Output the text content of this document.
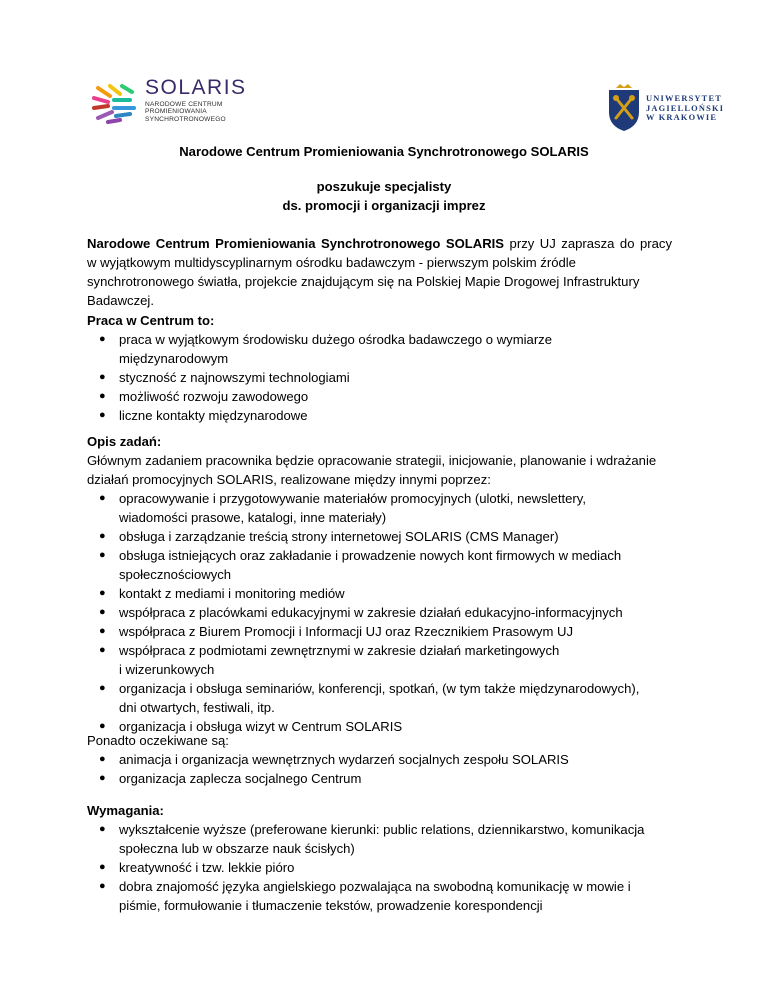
SOLARIS
NARODOWE CENTRUM
PROMIENIOWANIA
SYNCHROTRONOWEGO
UNIWERSYTET
JAGIELLOŃSKI
W KRAKOWIE
Narodowe Centrum Promieniowania Synchrotronowego SOLARIS
poszukuje specjalisty
ds. promocji i organizacji imprez
Narodowe Centrum Promieniowania Synchrotronowego SOLARIS przy UJ zaprasza do pracy
w wyjątkowym multidyscyplinarnym ośrodku badawczym - pierwszym polskim źródle
synchrotronowego światła, projekcie znajdującym się na Polskiej Mapie Drogowej Infrastruktury
Badawczej.
Praca w Centrum to:
● praca w wyjątkowym środowisku dużego ośrodka badawczego o wymiarze
międzynarodowym
● styczność z najnowszymi technologiami
● możliwość rozwoju zawodowego
● liczne kontakty międzynarodowe
Opis zadań:
Głównym zadaniem pracownika będzie opracowanie strategii, inicjowanie, planowanie i wdrażanie
działań promocyjnych SOLARIS, realizowane między innymi poprzez:
● opracowywanie i przygotowywanie materiałów promocyjnych (ulotki, newslettery,
wiadomości prasowe, katalogi, inne materiały)
● obsługa i zarządzanie treścią strony internetowej SOLARIS (CMS Manager)
● obsługa istniejących oraz zakładanie i prowadzenie nowych kont firmowych w mediach
społecznościowych
● kontakt z mediami i monitoring mediów
● współpraca z placówkami edukacyjnymi w zakresie działań edukacyjno-informacyjnych
● współpraca z Biurem Promocji i Informacji UJ oraz Rzecznikiem Prasowym UJ
● współpraca z podmiotami zewnętrznymi w zakresie działań marketingowych
i wizerunkowych
● organizacja i obsługa seminariów, konferencji, spotkań, (w tym także międzynarodowych),
dni otwartych, festiwali, itp.
● organizacja i obsługa wizyt w Centrum SOLARIS
Ponadto oczekiwane są:
● animacja i organizacja wewnętrznych wydarzeń socjalnych zespołu SOLARIS
● organizacja zaplecza socjalnego Centrum
Wymagania:
● wykształcenie wyższe (preferowane kierunki: public relations, dziennikarstwo, komunikacja
społeczna lub w obszarze nauk ścisłych)
● kreatywność i tzw. lekkie pióro
● dobra znajomość języka angielskiego pozwalająca na swobodną komunikację w mowie i
piśmie, formułowanie i tłumaczenie tekstów, prowadzenie korespondencji
